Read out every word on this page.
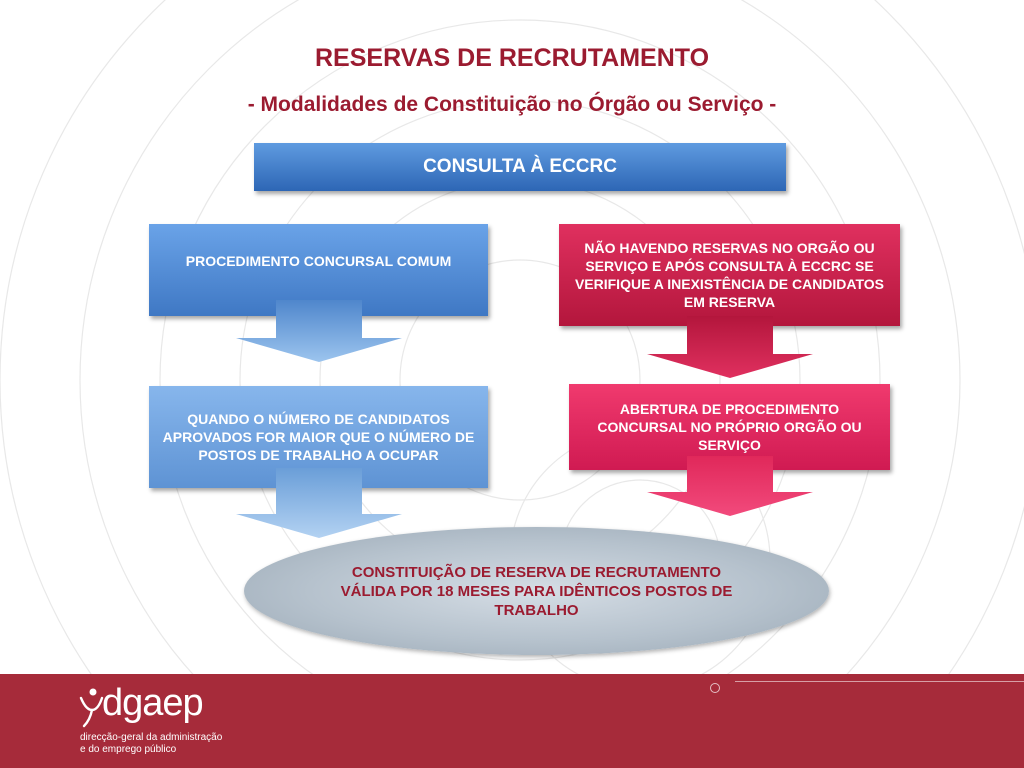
RESERVAS DE RECRUTAMENTO
- Modalidades de Constituição no Órgão ou Serviço -
CONSULTA À ECCRC
PROCEDIMENTO CONCURSAL COMUM
QUANDO O NÚMERO DE CANDIDATOS APROVADOS FOR MAIOR QUE O NÚMERO DE POSTOS DE TRABALHO A OCUPAR
NÃO HAVENDO RESERVAS NO ORGÃO OU SERVIÇO E APÓS CONSULTA À ECCRC SE VERIFIQUE A INEXISTÊNCIA DE CANDIDATOS EM RESERVA
ABERTURA DE PROCEDIMENTO CONCURSAL NO PRÓPRIO ORGÃO OU SERVIÇO
CONSTITUIÇÃO DE RESERVA DE RECRUTAMENTO VÁLIDA POR 18 MESES PARA IDÊNTICOS POSTOS DE TRABALHO
dgaep
direcção-geral da administração
e do emprego público
